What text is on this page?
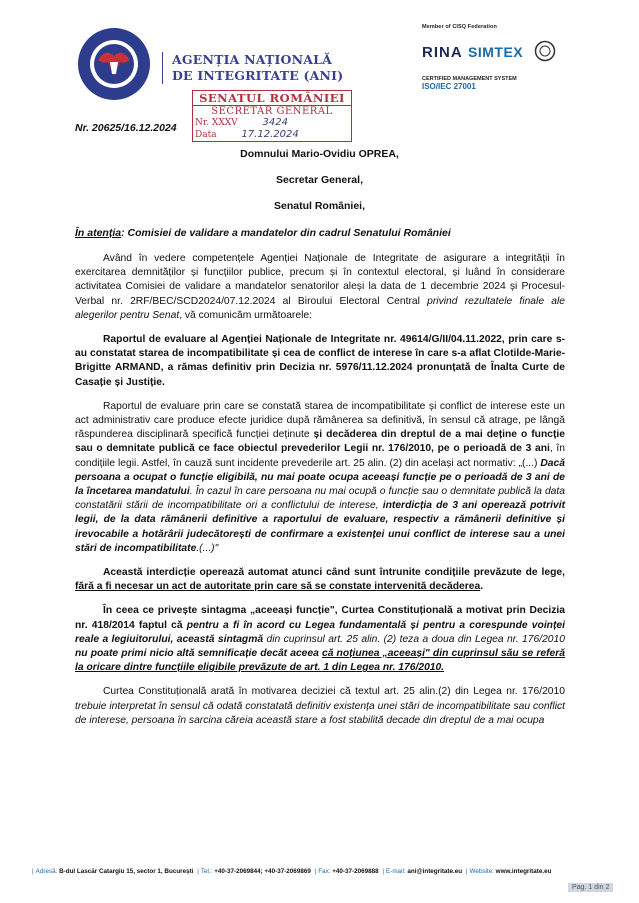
AGENȚIA NAȚIONALĂ
DE INTEGRITATE (ANI)
Member of CISQ Federation
RINA SIMTEX
CERTIFIED MANAGEMENT SYSTEM
ISO/IEC 27001
Nr. 20625/16.12.2024
SENATUL ROMÂNIEI
SECRETAR GENERAL
Nr. XXXV 3424
Data 17.12.2024
Domnului Mario-Ovidiu OPREA,
Secretar General,
Senatul României,
În atenția: Comisiei de validare a mandatelor din cadrul Senatului României

Având în vedere competențele Agenției Naționale de Integritate de asigurare a integrității în exercitarea demnităților și funcțiilor publice, precum și în contextul electoral, și luând în considerare activitatea Comisiei de validare a mandatelor senatorilor aleși la data de 1 decembrie 2024 și Procesul-Verbal nr. 2RF/BEC/SCD2024/07.12.2024 al Biroului Electoral Central privind rezultatele finale ale alegerilor pentru Senat, vă comunicăm următoarele:

Raportul de evaluare al Agenției Naționale de Integritate nr. 49614/G/II/04.11.2022, prin care s-au constatat starea de incompatibilitate și cea de conflict de interese în care s-a aflat Clotilde-Marie-Brigitte ARMAND, a rămas definitiv prin Decizia nr. 5976/11.12.2024 pronunțată de Înalta Curte de Casație și Justiție.

Raportul de evaluare prin care se constată starea de incompatibilitate și conflict de interese este un act administrativ care produce efecte juridice după rămânerea sa definitivă, în sensul că atrage, pe lângă răspunderea disciplinară specifică funcției deținute și decăderea din dreptul de a mai deține o funcție sau o demnitate publică ce face obiectul prevederilor Legii nr. 176/2010, pe o perioadă de 3 ani, în condițiile legii. Astfel, în cauză sunt incidente prevederile art. 25 alin. (2) din același act normativ: „(...) Dacă persoana a ocupat o funcție eligibilă, nu mai poate ocupa aceeași funcție pe o perioadă de 3 ani de la încetarea mandatului. În cazul în care persoana nu mai ocupă o funcție sau o demnitate publică la data constatării stării de incompatibilitate ori a conflictului de interese, interdicția de 3 ani operează potrivit legii, de la data rămânerii definitive a raportului de evaluare, respectiv a rămânerii definitive și irevocabile a hotărârii judecătorești de confirmare a existenței unui conflict de interese sau a unei stări de incompatibilitate.(...)"

Această interdicție operează automat atunci când sunt întrunite condițiile prevăzute de lege, fără a fi necesar un act de autoritate prin care să se constate intervenită decăderea.

În ceea ce privește sintagma „aceeași funcție", Curtea Constituțională a motivat prin Decizia nr. 418/2014 faptul că pentru a fi în acord cu Legea fundamentală și pentru a corespunde voinței reale a legiuitorului, această sintagmă din cuprinsul art. 25 alin. (2) teza a doua din Legea nr. 176/2010 nu poate primi nicio altă semnificație decât aceea că noțiunea „aceeași" din cuprinsul său se referă la oricare dintre funcțiile eligibile prevăzute de art. 1 din Legea nr. 176/2010.

Curtea Constituțională arată în motivarea deciziei că textul art. 25 alin.(2) din Legea nr. 176/2010 trebuie interpretat în sensul că odată constatată definitiv existența unei stări de incompatibilitate sau conflict de interese, persoana în sarcina căreia această stare a fost stabilită decade din dreptul de a mai ocupa

| Adresă: B-dul Lascăr Catargiu 15, sector 1, București | Tel.: +40-37-2069844; +40-37-2069869 | Fax: +40-37-2069888 | E-mail: ani@integritate.eu | Website: www.integritate.eu
Pag. 1 din 2
